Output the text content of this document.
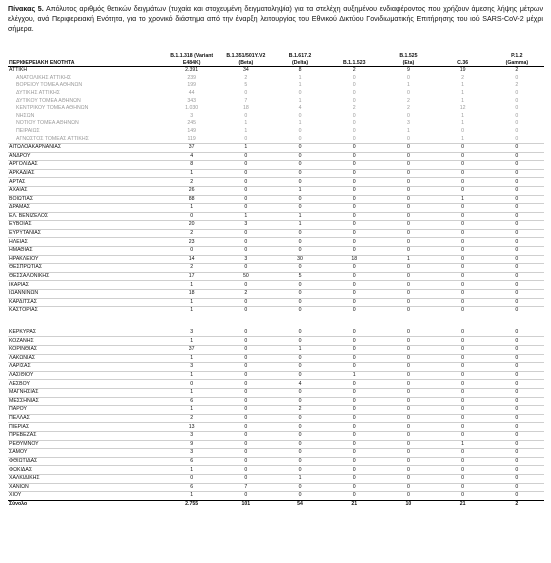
Πίνακας 5. Απόλυτος αριθμός θετικών δειγμάτων (τυχαία και στοχευμένη δειγματοληψία) για τα στελέχη αυξημένου ενδιαφέροντος που χρήζουν άμεσης λήψης μέτρων ελέγχου, ανά Περιφερειακή Ενότητα, για το χρονικό διάστημα από την έναρξη λειτουργίας του Εθνικού Δικτύου Γονιδιωματικής Επιτήρησης του ιού SARS-CoV-2 μέχρι σήμερα.

ΠΕΡΙΦΕΡΕΙΑΚΗ ΕΝΟΤΗΤΑ	B.1.1.318 (Variant
E484K)	B.1.351/501Y.V2
(Beta)	B.1.617.2
(Delta)	B.1.1.523	B.1.525
(Eta)	C.36	P.1.2
(Gamma)
ΑΤΤΙΚΗ	2.391	34	8	2	9	19	2
ΑΝΑΤΟΛΙΚΗΣ ΑΤΤΙΚΗΣ	239	2	1	0	0	2	0
ΒΟΡΕΙΟΥ ΤΟΜΕΑ ΑΘΗΝΩΝ	199	5	1	0	1	1	2
ΔΥΤΙΚΗΣ ΑΤΤΙΚΗΣ	44	0	0	0	0	1	0
ΔΥΤΙΚΟΥ ΤΟΜΕΑ ΑΘΗΝΩΝ	343	7	1	0	2	1	0
ΚΕΝΤΡΙΚΟΥ ΤΟΜΕΑ ΑΘΗΝΩΝ	1.030	18	4	2	2	12	0
ΝΗΣΩΝ	3	0	0	0	0	1	0
ΝΟΤΙΟΥ ΤΟΜΕΑ ΑΘΗΝΩΝ	245	1	1	0	3	1	0
ΠΕΙΡΑΙΩΣ	149	1	0	0	1	0	0
ΑΓΝΩΣΤΟΣ ΤΟΜΕΑΣ ΑΤΤΙΚΗΣ	119	0	0	0	0	1	0
ΑΙΤΩΛΟΑΚΑΡΝΑΝΙΑΣ	37	1	0	0	0	0	0
ΑΝΔΡΟΥ	4	0	0	0	0	0	0
ΑΡΓΟΛΙΔΑΣ	8	0	0	0	0	0	0
ΑΡΚΑΔΙΑΣ	1	0	0	0	0	0	0
ΑΡΤΑΣ	2	0	0	0	0	0	0
ΑΧΑΪΑΣ	26	0	1	0	0	0	0
ΒΟΙΩΤΙΑΣ	88	0	0	0	0	1	0
ΔΡΑΜΑΣ	1	0	0	0	0	0	0
ΕΛ. ΒΕΝΙΖΕΛΟΣ	0	1	1	0	0	0	0
ΕΥΒΟΙΑΣ	20	3	1	0	0	0	0
ΕΥΡΥΤΑΝΙΑΣ	2	0	0	0	0	0	0
ΗΛΕΙΑΣ	23	0	0	0	0	0	0
ΗΜΑΘΙΑΣ	0	0	0	0	0	0	0
ΗΡΑΚΛΕΙΟΥ	14	3	30	18	1	0	0
ΘΕΣΠΡΩΤΙΑΣ	2	0	0	0	0	0	0
ΘΕΣΣΑΛΟΝΙΚΗΣ	17	50	5	0	0	0	0
ΙΚΑΡΙΑΣ	1	0	0	0	0	0	0
ΙΩΑΝΝΙΝΩΝ	18	2	0	0	0	0	0
ΚΑΡΔΙΤΣΑΣ	1	0	0	0	0	0	0
ΚΑΣΤΟΡΙΑΣ	1	0	0	0	0	0	0

ΚΕΡΚΥΡΑΣ	3	0	0	0	0	0	0
ΚΟΖΑΝΗΣ	1	0	0	0	0	0	0
ΚΟΡΙΝΘΙΑΣ	37	0	1	0	0	0	0
ΛΑΚΩΝΙΑΣ	1	0	0	0	0	0	0
ΛΑΡΙΣΑΣ	3	0	0	0	0	0	0
ΛΑΣΙΘΙΟΥ	1	0	0	1	0	0	0
ΛΕΣΒΟΥ	0	0	4	0	0	0	0
ΜΑΓΝΗΣΙΑΣ	1	0	0	0	0	0	0
ΜΕΣΣΗΝΙΑΣ	6	0	0	0	0	0	0
ΠΑΡΟΥ	1	0	2	0	0	0	0
ΠΕΛΛΑΣ	2	0	0	0	0	0	0
ΠΙΕΡΙΑΣ	13	0	0	0	0	0	0
ΠΡΕΒΕΖΑΣ	3	0	0	0	0	0	0
ΡΕΘΥΜΝΟΥ	9	0	0	0	0	1	0
ΣΑΜΟΥ	3	0	0	0	0	0	0
ΦΘΙΩΤΙΔΑΣ	6	0	0	0	0	0	0
ΦΩΚΙΔΑΣ	1	0	0	0	0	0	0
ΧΑΛΚΙΔΙΚΗΣ	0	0	1	0	0	0	0
ΧΑΝΙΩΝ	6	7	0	0	0	0	0
ΧΙΟΥ	1	0	0	0	0	0	0
Σύνολο	2.755	101	54	21	10	21	2
